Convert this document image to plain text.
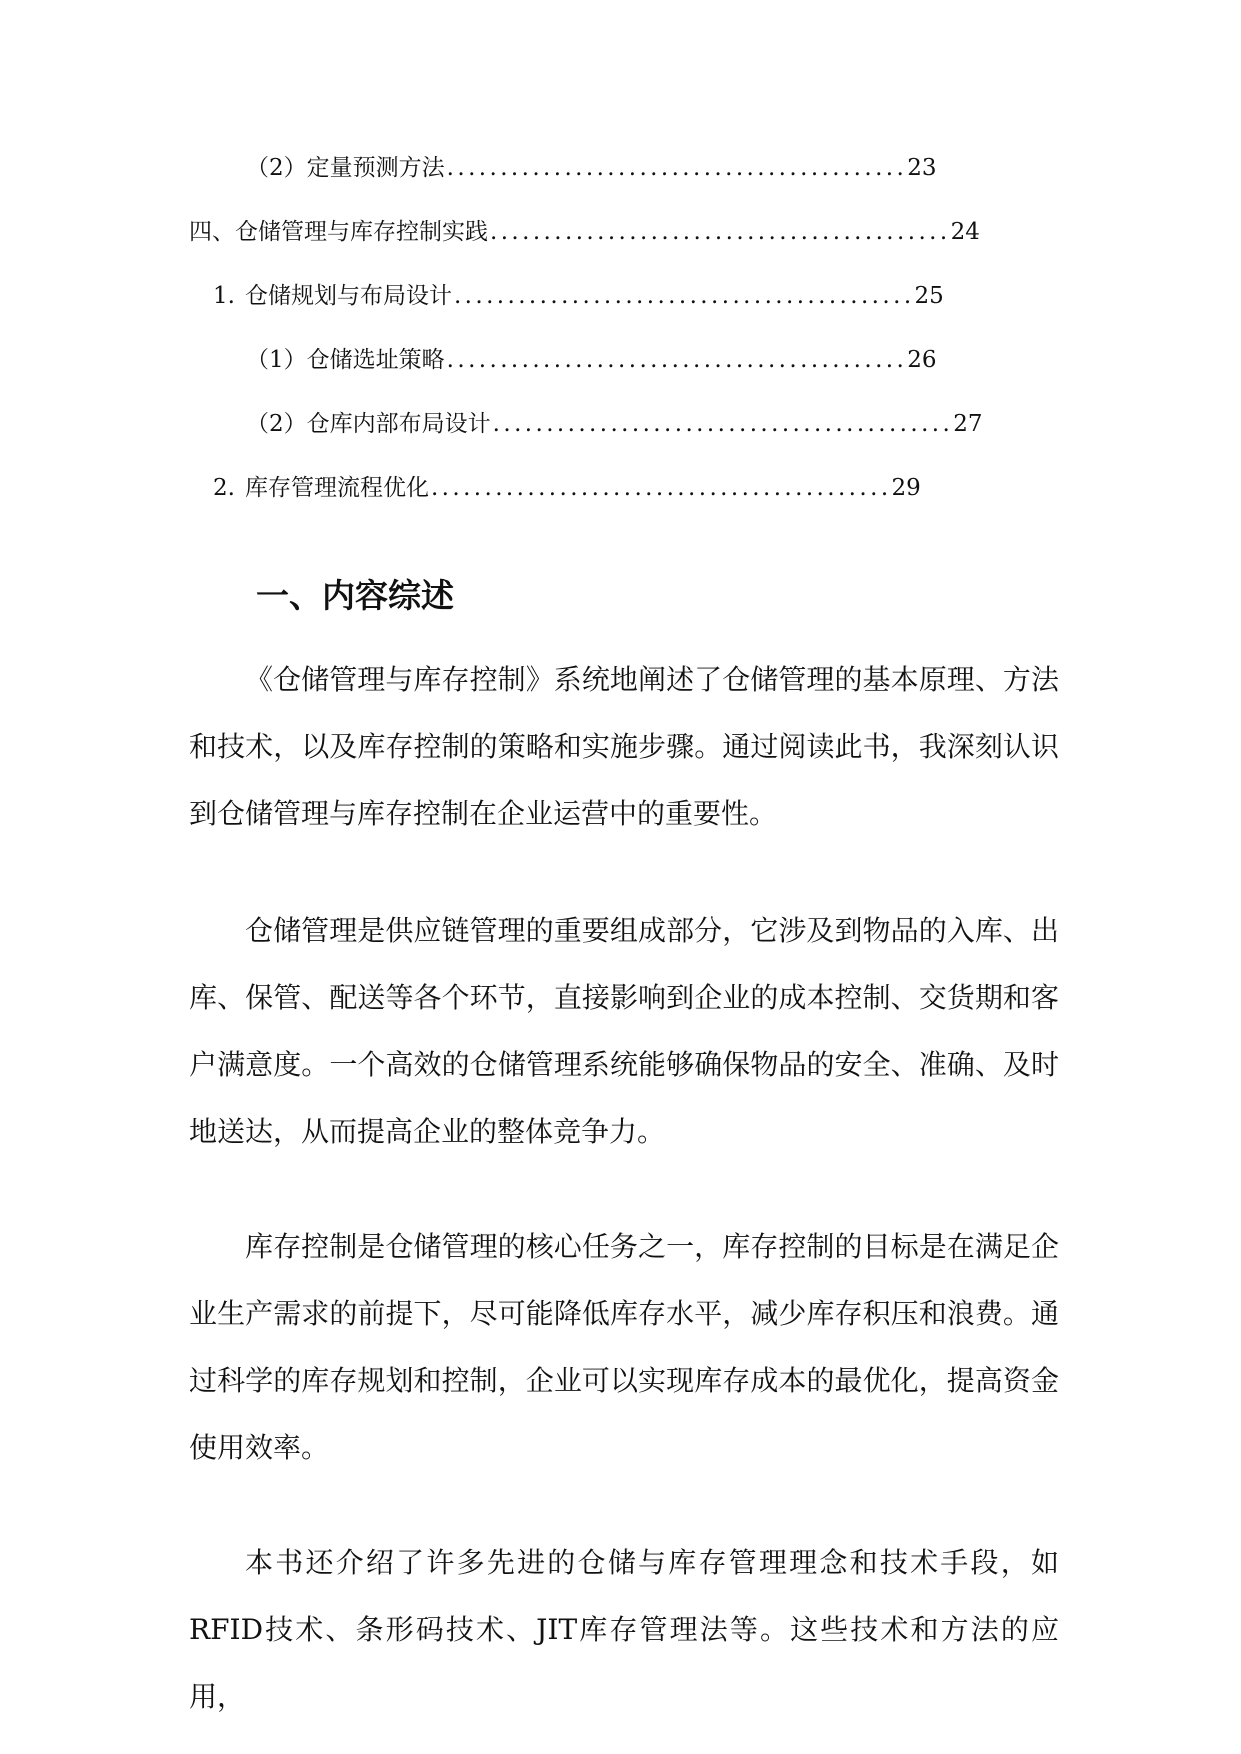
（2）定量预测方法...........................................23
四、仓储管理与库存控制实践...........................................24
1. 仓储规划与布局设计...........................................25
（1）仓储选址策略...........................................26
（2）仓库内部布局设计...........................................27
2. 库存管理流程优化...........................................29
一、内容综述

《仓储管理与库存控制》系统地阐述了仓储管理的基本原理、方法和技术，以及库存控制的策略和实施步骤。通过阅读此书，我深刻认识到仓储管理与库存控制在企业运营中的重要性。

仓储管理是供应链管理的重要组成部分，它涉及到物品的入库、出库、保管、配送等各个环节，直接影响到企业的成本控制、交货期和客户满意度。一个高效的仓储管理系统能够确保物品的安全、准确、及时地送达，从而提高企业的整体竞争力。

库存控制是仓储管理的核心任务之一，库存控制的目标是在满足企业生产需求的前提下，尽可能降低库存水平，减少库存积压和浪费。通过科学的库存规划和控制，企业可以实现库存成本的最优化，提高资金使用效率。

本书还介绍了许多先进的仓储与库存管理理念和技术手段，如RFID技术、条形码技术、JIT库存管理法等。这些技术和方法的应用，
